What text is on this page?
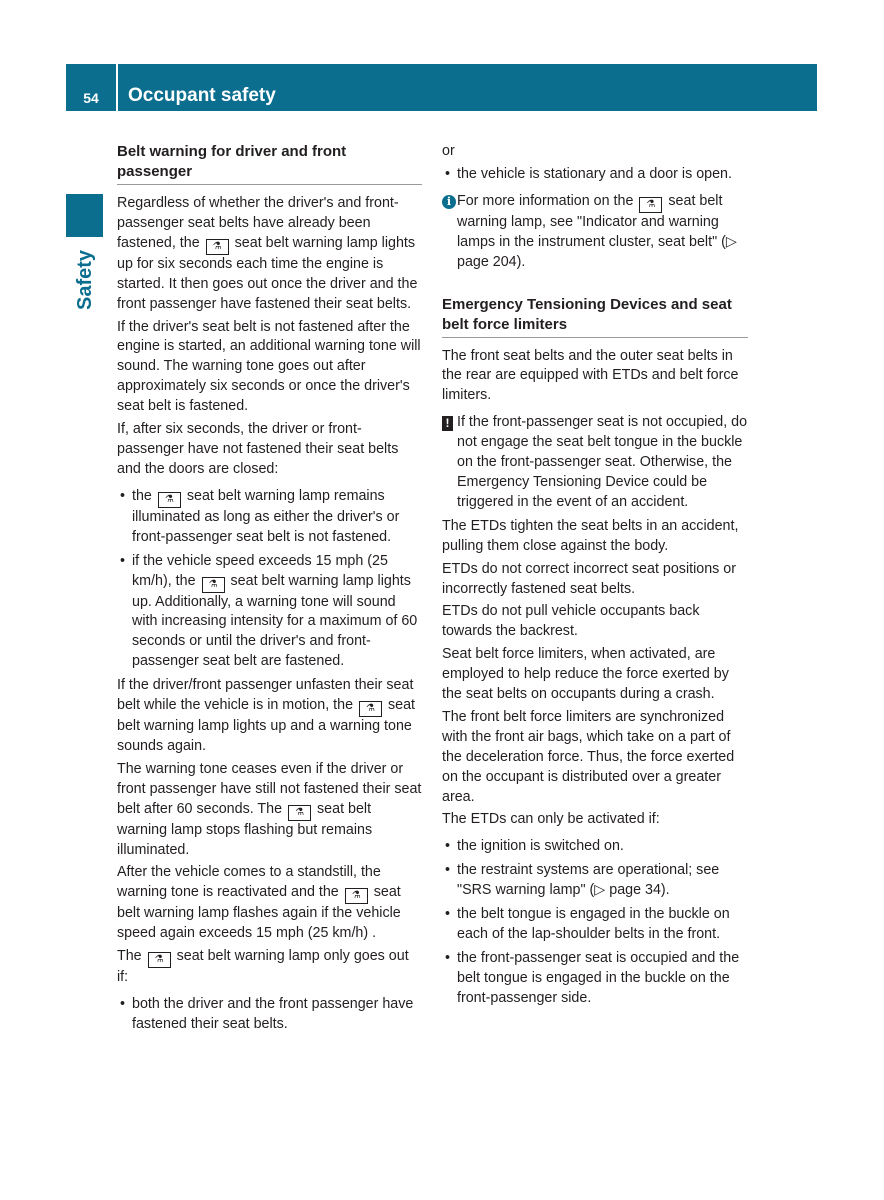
54	Occupant safety
Safety
Belt warning for driver and front passenger

Regardless of whether the driver's and front-passenger seat belts have already been fastened, the ⚗ seat belt warning lamp lights up for six seconds each time the engine is started. It then goes out once the driver and the front passenger have fastened their seat belts.

If the driver's seat belt is not fastened after the engine is started, an additional warning tone will sound. The warning tone goes out after approximately six seconds or once the driver's seat belt is fastened.

If, after six seconds, the driver or front-passenger have not fastened their seat belts and the doors are closed:

• the ⚗ seat belt warning lamp remains illuminated as long as either the driver's or front-passenger seat belt is not fastened.
• if the vehicle speed exceeds 15 mph (25 km/h), the ⚗ seat belt warning lamp lights up. Additionally, a warning tone will sound with increasing intensity for a maximum of 60 seconds or until the driver's and front-passenger seat belt are fastened.

If the driver/front passenger unfasten their seat belt while the vehicle is in motion, the ⚗ seat belt warning lamp lights up and a warning tone sounds again.

The warning tone ceases even if the driver or front passenger have still not fastened their seat belt after 60 seconds. The ⚗ seat belt warning lamp stops flashing but remains illuminated.

After the vehicle comes to a standstill, the warning tone is reactivated and the ⚗ seat belt warning lamp flashes again if the vehicle speed again exceeds 15 mph (25 km/h) .

The ⚗ seat belt warning lamp only goes out if:

• both the driver and the front passenger have fastened their seat belts.

or

• the vehicle is stationary and a door is open.
i For more information on the ⚗ seat belt warning lamp, see "Indicator and warning lamps in the instrument cluster, seat belt" (▷ page 204).
Emergency Tensioning Devices and seat belt force limiters

The front seat belts and the outer seat belts in the rear are equipped with ETDs and belt force limiters.

! If the front-passenger seat is not occupied, do not engage the seat belt tongue in the buckle on the front-passenger seat. Otherwise, the Emergency Tensioning Device could be triggered in the event of an accident.

The ETDs tighten the seat belts in an accident, pulling them close against the body.

ETDs do not correct incorrect seat positions or incorrectly fastened seat belts.

ETDs do not pull vehicle occupants back towards the backrest.

Seat belt force limiters, when activated, are employed to help reduce the force exerted by the seat belts on occupants during a crash.

The front belt force limiters are synchronized with the front air bags, which take on a part of the deceleration force. Thus, the force exerted on the occupant is distributed over a greater area.

The ETDs can only be activated if:

• the ignition is switched on.
• the restraint systems are operational; see "SRS warning lamp" (▷ page 34).
• the belt tongue is engaged in the buckle on each of the lap-shoulder belts in the front.
• the front-passenger seat is occupied and the belt tongue is engaged in the buckle on the front-passenger side.
